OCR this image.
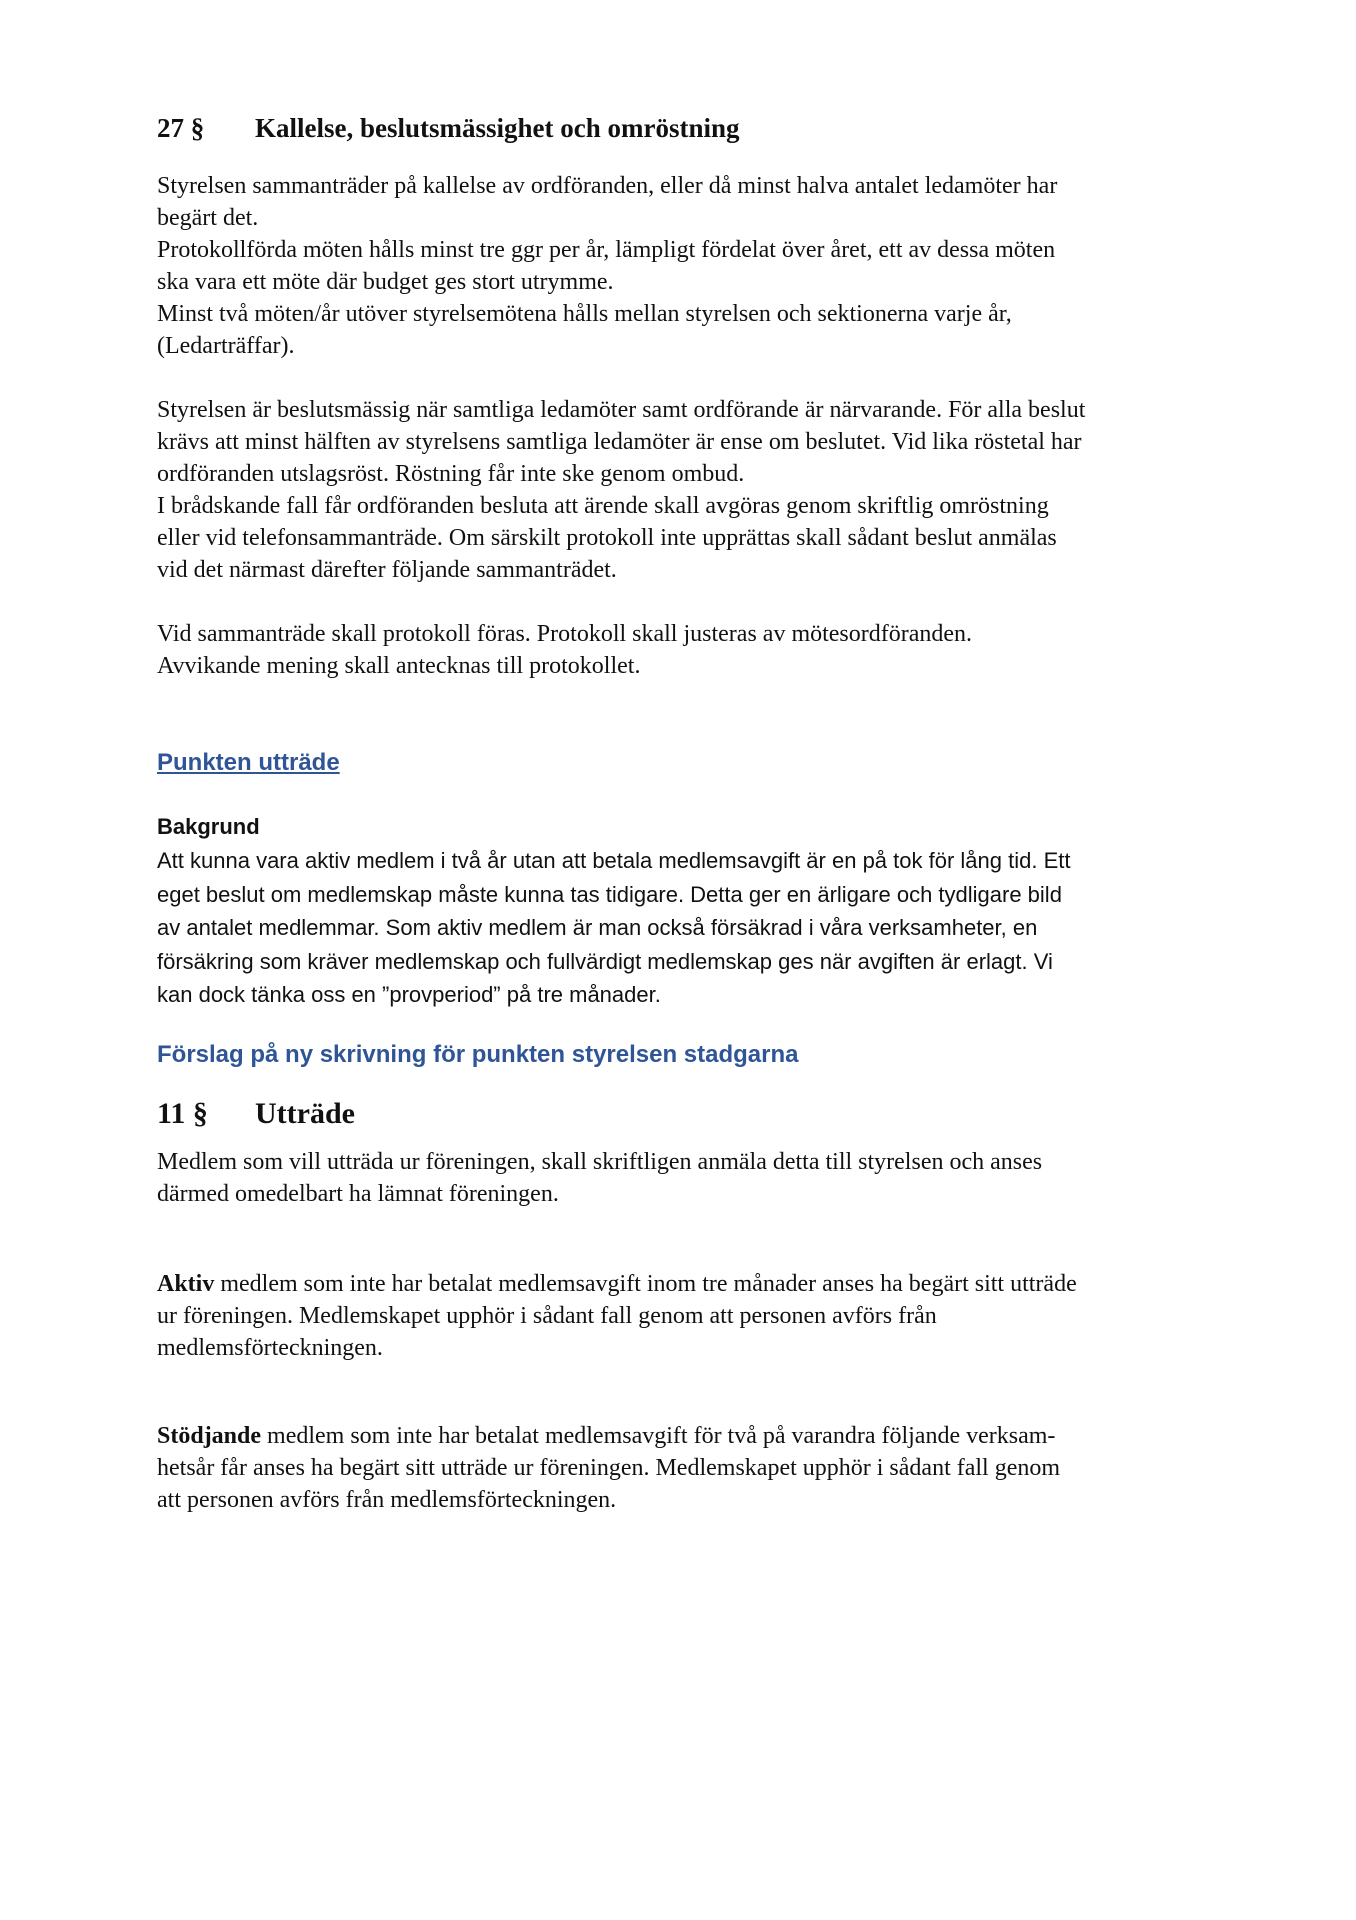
27 §	Kallelse, beslutsmässighet och omröstning
Styrelsen sammanträder på kallelse av ordföranden, eller då minst halva antalet ledamöter har
begärt det.
Protokollförda möten hålls minst tre ggr per år, lämpligt fördelat över året, ett av dessa möten
ska vara ett möte där budget ges stort utrymme.
Minst två möten/år utöver styrelsemötena hålls mellan styrelsen och sektionerna varje år,
(Ledarträffar).
Styrelsen är beslutsmässig när samtliga ledamöter samt ordförande är närvarande. För alla beslut
krävs att minst hälften av styrelsens samtliga ledamöter är ense om beslutet. Vid lika röstetal har
ordföranden utslagsröst. Röstning får inte ske genom ombud.
I brådskande fall får ordföranden besluta att ärende skall avgöras genom skriftlig omröstning
eller vid telefonsammanträde. Om särskilt protokoll inte upprättas skall sådant beslut anmälas
vid det närmast därefter följande sammanträdet.
Vid sammanträde skall protokoll föras. Protokoll skall justeras av mötesordföranden.
Avvikande mening skall antecknas till protokollet.
Punkten utträde
Bakgrund
Att kunna vara aktiv medlem i två år utan att betala medlemsavgift är en på tok för lång tid. Ett
eget beslut om medlemskap måste kunna tas tidigare. Detta ger en ärligare och tydligare bild
av antalet medlemmar. Som aktiv medlem är man också försäkrad i våra verksamheter, en
försäkring som kräver medlemskap och fullvärdigt medlemskap ges när avgiften är erlagt. Vi
kan dock tänka oss en ”provperiod” på tre månader.
Förslag på ny skrivning för punkten styrelsen stadgarna
11 §	Utträde
Medlem som vill utträda ur föreningen, skall skriftligen anmäla detta till styrelsen och anses
därmed omedelbart ha lämnat föreningen.
Aktiv medlem som inte har betalat medlemsavgift inom tre månader anses ha begärt sitt utträde
ur föreningen. Medlemskapet upphör i sådant fall genom att personen avförs från
medlemsförteckningen.
Stödjande medlem som inte har betalat medlemsavgift för två på varandra följande verksam-
hetsår får anses ha begärt sitt utträde ur föreningen. Medlemskapet upphör i sådant fall genom
att personen avförs från medlemsförteckningen.
